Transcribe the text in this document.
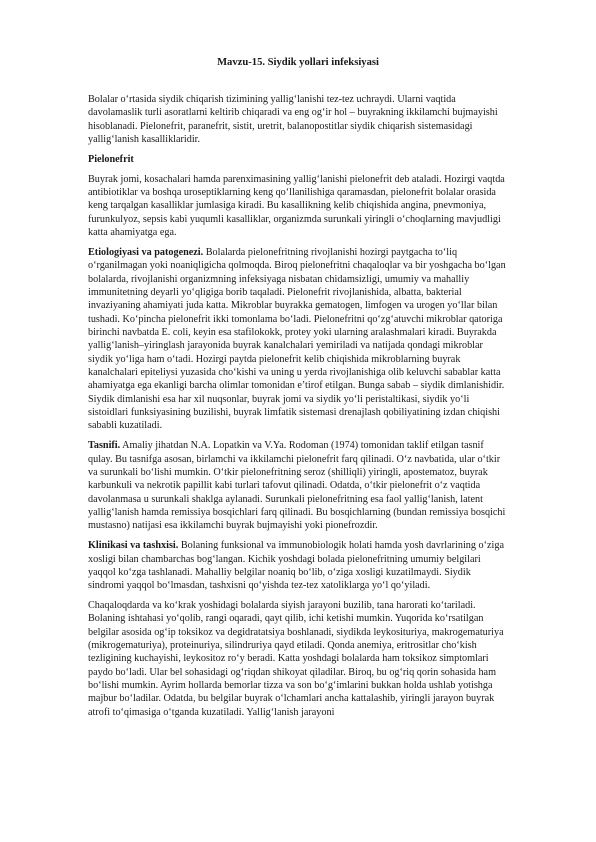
Mavzu-15. Siydik yollari infeksiyasi

Bolalar oʻrtasida siydik chiqarish tizimining yallig‘lanishi tez-tez uchraydi. Ularni vaqtida davolamaslik turli asoratlarni keltirib chiqaradi va eng og‘ir hol – buyrakning ikkilamchi bujmayishi hisoblanadi. Pielonefrit, paranefrit, sistit, uretrit, balanopostitlar siydik chiqarish sistemasidagi yallig‘lanish kasalliklaridir.

Pielonefrit

Buyrak jomi, kosachalari hamda parenximasining yallig‘lanishi pielonefrit deb ataladi. Hozirgi vaqtda antibiotiklar va boshqa uroseptiklarning keng qo‘llanilishiga qaramasdan, pielonefrit bolalar orasida keng tarqalgan kasalliklar jumlasiga kiradi. Bu kasallikning kelib chiqishida angina, pnevmoniya, furunkulyoz, sepsis kabi yuqumli kasalliklar, organizmda surunkali yiringli o‘choqlarning mavjudligi katta ahamiyatga ega.

Etiologiyasi va patogenezi. Bolalarda pielonefritning rivojlanishi hozirgi paytgacha to‘liq o‘rganilmagan yoki noaniqligicha qolmoqda. Biroq pielonefritni chaqaloqlar va bir yoshgacha bo‘lgan bolalarda, rivojlanishi organizmning infeksiyaga nisbatan chidamsizligi, umumiy va mahalliy immunitetning deyarli yo‘qligiga borib taqaladi. Pielonefrit rivojlanishida, albatta, bakterial invaziyaning ahamiyati juda katta. Mikroblar buyrakka gematogen, limfogen va urogen yo‘llar bilan tushadi. Ko‘pincha pielonefrit ikki tomonlama bo‘ladi. Pielonefritni qo‘zg‘atuvchi mikroblar qatoriga birinchi navbatda E. coli, keyin esa stafilokokk, protey yoki ularning aralashmalari kiradi. Buyrakda yallig‘lanish–yiringlash jarayonida buyrak kanalchalari yemiriladi va natijada qondagi mikroblar siydik yo‘liga ham o‘tadi. Hozirgi paytda pielonefrit kelib chiqishida mikroblarning buyrak kanalchalari epiteliysi yuzasida cho‘kishi va uning u yerda rivojlanishiga olib keluvchi sabablar katta ahamiyatga ega ekanligi barcha olimlar tomonidan e’tirof etilgan. Bunga sabab – siydik dimlanishidir. Siydik dimlanishi esa har xil nuqsonlar, buyrak jomi va siydik yo‘li peristaltikasi, siydik yo‘li sistoidlari funksiyasining buzilishi, buyrak limfatik sistemasi drenajlash qobiliyatining izdan chiqishi sababli kuzatiladi.

Tasnifi. Amaliy jihatdan N.A. Lopatkin va V.Ya. Rodoman (1974) tomonidan taklif etilgan tasnif qulay. Bu tasnifga asosan, birlamchi va ikkilamchi pielonefrit farq qilinadi. O‘z navbatida, ular o‘tkir va surunkali bo‘lishi mumkin. O‘tkir pielonefritning seroz (shilliqli) yiringli, apostematoz, buyrak karbunkuli va nekrotik papillit kabi turlari tafovut qilinadi. Odatda, o‘tkir pielonefrit o‘z vaqtida davolanmasa u surunkali shaklga aylanadi. Surunkali pielonefritning esa faol yallig‘lanish, latent yallig‘lanish hamda remissiya bosqichlari farq qilinadi. Bu bosqichlarning (bundan remissiya bosqichi mustasno) natijasi esa ikkilamchi buyrak bujmayishi yoki pionefrozdir.

Klinikasi va tashxisi. Bolaning funksional va immunobiologik holati hamda yosh davrlarining o‘ziga xosligi bilan chambarchas bog‘langan. Kichik yoshdagi bolada pielonefritning umumiy belgilari yaqqol ko‘zga tashlanadi. Mahalliy belgilar noaniq bo‘lib, o‘ziga xosligi kuzatilmaydi. Siydik sindromi yaqqol bo‘lmasdan, tashxisni qo‘yishda tez-tez xatoliklarga yo‘l qo‘yiladi.

Chaqaloqdarda va ko‘krak yoshidagi bolalarda siyish jarayoni buzilib, tana harorati ko‘tariladi. Bolaning ishtahasi yo‘qolib, rangi oqaradi, qayt qilib, ichi ketishi mumkin. Yuqorida ko‘rsatilgan belgilar asosida og‘ip toksikoz va degidratatsiya boshlanadi, siydikda leykosituriya, makrogematuriya (mikrogematuriya), proteinuriya, silindruriya qayd etiladi. Qonda anemiya, eritrositlar cho‘kish tezligining kuchayishi, leykositoz ro‘y beradi. Katta yoshdagi bolalarda ham toksikoz simptomlari paydo bo‘ladi. Ular bel sohasidagi og‘riqdan shikoyat qiladilar. Biroq, bu og‘riq qorin sohasida ham bo‘lishi mumkin. Ayrim hollarda bemorlar tizza va son bo‘g‘imlarini bukkan holda ushlab yotishga majbur bo‘ladilar. Odatda, bu belgilar buyrak o‘lchamlari ancha kattalashib, yiringli jarayon buyrak atrofi to‘qimasiga o‘tganda kuzatiladi. Yallig‘lanish jarayoni
